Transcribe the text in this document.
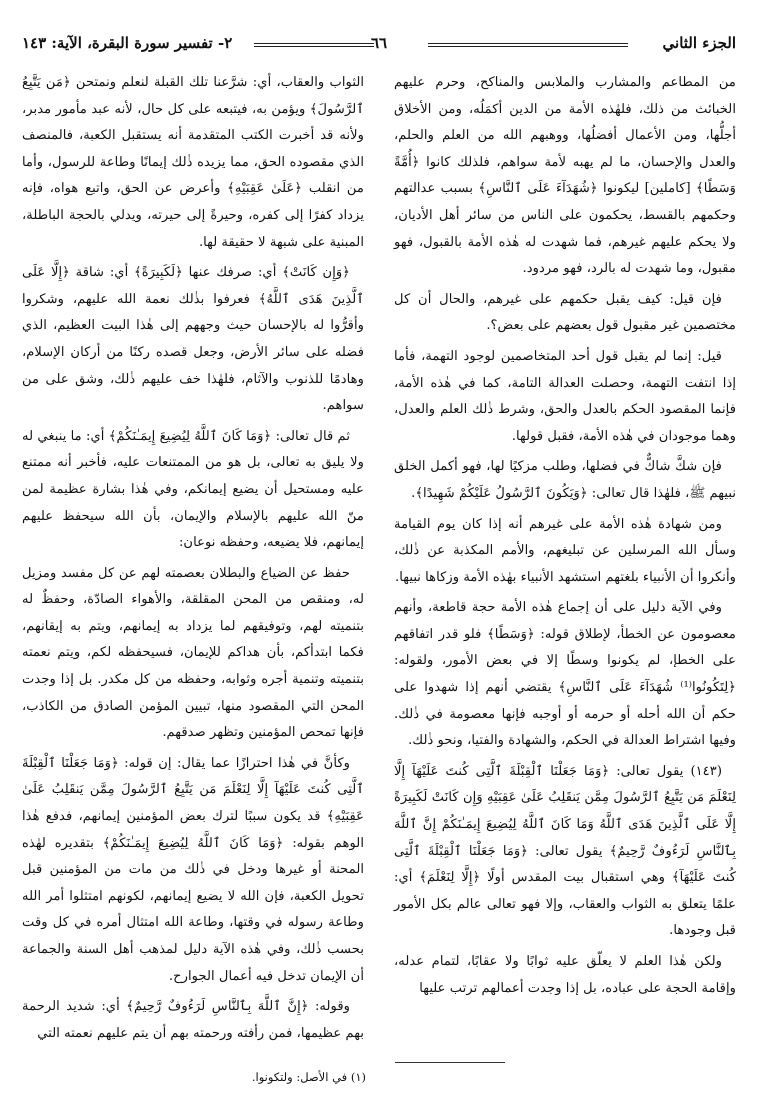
الجزء الثاني
٦٦
٢- تفسير سورة البقرة، الآية: ١٤٣

من المطاعم والمشارب والملابس والمناكح، وحرم عليهم الخبائث من ذلك، فلهٰذه الأمة من الدين أكمَلُه، ومن الأخلاق أجلُّها، ومن الأعمال أفضلُها، ووهبهم الله من العلم والحلم، والعدل والإحسان، ما لم يهبه لأمة سواهم، فلذلك كانوا ﴿أُمَّةً وَسَطًا﴾ [كاملين] ليكونوا ﴿شُهَدَآءَ عَلَى ٱلنَّاسِ﴾ بسبب عدالتهم وحكمهم بالقسط، يحكمون على الناس من سائر أهل الأديان، ولا يحكم عليهم غيرهم، فما شهدت له هٰذه الأمة بالقبول، فهو مقبول، وما شهدت له بالرد، فهو مردود.

فإن قيل: كيف يقبل حكمهم على غيرهم، والحال أن كل مختصمين غير مقبول قول بعضهم على بعض؟.

قيل: إنما لم يقبل قول أحد المتخاصمين لوجود التهمة، فأما إذا انتفت التهمة، وحصلت العدالة التامة، كما في هٰذه الأمة، فإنما المقصود الحكم بالعدل والحق، وشرط ذٰلك العلم والعدل، وهما موجودان في هٰذه الأمة، فقبل قولها.

فإن شكَّ شاكٌّ في فضلها، وطلب مزكيًا لها، فهو أكمل الخلق نبيهم ﷺ، فلهٰذا قال تعالى: ﴿وَيَكُونَ ٱلرَّسُولُ عَلَيْكُمْ شَهِيدًا﴾.

ومن شهادة هٰذه الأمة على غيرهم أنه إذا كان يوم القيامة وسأل الله المرسلين عن تبليغهم، والأمم المكذبة عن ذٰلك، وأنكروا أن الأنبياء بلغتهم استشهد الأنبياء بهٰذه الأمة وزكاها نبيها.

وفي الآية دليل على أن إجماع هٰذه الأمة حجة قاطعة، وأنهم معصومون عن الخطأ، لإطلاق قوله: ﴿وَسَطًا﴾ فلو قدر اتفاقهم على الخطإ، لم يكونوا وسطًا إلا في بعض الأمور، ولقوله: ﴿لِتَكُونُوا⁽¹⁾ شُهَدَآءَ عَلَى ٱلنَّاسِ﴾ يقتضي أنهم إذا شهدوا على حكم أن الله أحله أو حرمه أو أوجبه فإنها معصومة في ذٰلك. وفيها اشتراط العدالة في الحكم، والشهادة والفتيا، ونحو ذٰلك.

(١٤٣) يقول تعالى: ﴿وَمَا جَعَلْنَا ٱلْقِبْلَةَ ٱلَّتِى كُنتَ عَلَيْهَآ إِلَّا لِنَعْلَمَ مَن يَتَّبِعُ ٱلرَّسُولَ مِمَّن يَنقَلِبُ عَلَىٰ عَقِبَيْهِ وَإِن كَانَتْ لَكَبِيرَةً إِلَّا عَلَى ٱلَّذِينَ هَدَى ٱللَّهُ وَمَا كَانَ ٱللَّهُ لِيُضِيعَ إِيمَـٰنَكُمْ إِنَّ ٱللَّهَ بِٱلنَّاسِ لَرَءُوفٌ رَّحِيمٌ﴾ يقول تعالى: ﴿وَمَا جَعَلْنَا ٱلْقِبْلَةَ ٱلَّتِى كُنتَ عَلَيْهَآ﴾ وهي استقبال بيت المقدس أولًا ﴿إِلَّا لِنَعْلَمَ﴾ أي: علمًا يتعلق به الثواب والعقاب، وإلا فهو تعالى عالم بكل الأمور قبل وجودها.

ولكن هٰذا العلم لا يعلّق عليه ثوابًا ولا عقابًا، لتمام عدله، وإقامة الحجة على عباده، بل إذا وجدت أعمالهم ترتب عليها

الثواب والعقاب، أي: شرَّعنا تلك القبلة لنعلم ونمتحن ﴿مَن يَتَّبِعُ ٱلرَّسُولَ﴾ ويؤمن به، فيتبعه على كل حال، لأنه عبد مأمور مدبر، ولأنه قد أخبرت الكتب المتقدمة أنه يستقبل الكعبة، فالمنصف الذي مقصوده الحق، مما يزيده ذٰلك إيمانًا وطاعة للرسول، وأما من انقلب ﴿عَلَىٰ عَقِبَيْهِ﴾ وأعرض عن الحق، واتبع هواه، فإنه يزداد كفرًا إلى كفره، وحيرةً إلى حيرته، ويدلي بالحجة الباطلة، المبنية على شبهة لا حقيقة لها.

﴿وَإِن كَانَتْ﴾ أي: صرفك عنها ﴿لَكَبِيرَةً﴾ أي: شاقة ﴿إِلَّا عَلَى ٱلَّذِينَ هَدَى ٱللَّهُ﴾ فعرفوا بذٰلك نعمة الله عليهم، وشكروا وأقرُّوا له بالإحسان حيث وجههم إلى هٰذا البيت العظيم، الذي فضله على سائر الأرض، وجعل قصده ركنًا من أركان الإسلام، وهادمًا للذنوب والآثام، فلهٰذا خف عليهم ذٰلك، وشق على من سواهم.

ثم قال تعالى: ﴿وَمَا كَانَ ٱللَّهُ لِيُضِيعَ إِيمَـٰنَكُمْ﴾ أي: ما ينبغي له ولا يليق به تعالى، بل هو من الممتنعات عليه، فأخبر أنه ممتنع عليه ومستحيل أن يضيع إيمانكم، وفي هٰذا بشارة عظيمة لمن منّ الله عليهم بالإسلام والإيمان، بأن الله سيحفظ عليهم إيمانهم، فلا يضيعه، وحفظه نوعان:

حفظ عن الضياع والبطلان بعصمته لهم عن كل مفسد ومزيل له، ومنقص من المحن المقلقة، والأهواء الصادّة، وحفظٌ له بتنميته لهم، وتوفيقهم لما يزداد به إيمانهم، ويتم به إيقانهم، فكما ابتدأكم، بأن هداكم للإيمان، فسيحفظه لكم، ويتم نعمته بتنميته وتنمية أجره وثوابه، وحفظه من كل مكدر. بل إذا وجدت المحن التي المقصود منها، تبيين المؤمن الصادق من الكاذب، فإنها تمحص المؤمنين وتظهر صدقهم.

وكأنَّ في هٰذا احترازًا عما يقال: إن قوله: ﴿وَمَا جَعَلْنَا ٱلْقِبْلَةَ ٱلَّتِى كُنتَ عَلَيْهَآ إِلَّا لِنَعْلَمَ مَن يَتَّبِعُ ٱلرَّسُولَ مِمَّن يَنقَلِبُ عَلَىٰ عَقِبَيْهِ﴾ قد يكون سببًا لترك بعض المؤمنين إيمانهم، فدفع هٰذا الوهم بقوله: ﴿وَمَا كَانَ ٱللَّهُ لِيُضِيعَ إِيمَـٰنَكُمْ﴾ بتقديره لهٰذه المحنة أو غيرها ودخل في ذٰلك من مات من المؤمنين قبل تحويل الكعبة، فإن الله لا يضيع إيمانهم، لكونهم امتثلوا أمر الله وطاعة رسوله في وقتها، وطاعة الله امتثال أمره في كل وقت بحسب ذٰلك، وفي هٰذه الآية دليل لمذهب أهل السنة والجماعة أن الإيمان تدخل فيه أعمال الجوارح.

وقوله: ﴿إِنَّ ٱللَّهَ بِٱلنَّاسِ لَرَءُوفٌ رَّحِيمٌ﴾ أي: شديد الرحمة بهم عظيمها، فمن رأفته ورحمته بهم أن يتم عليهم نعمته التي

(١) في الأصل: ولتكونوا.
